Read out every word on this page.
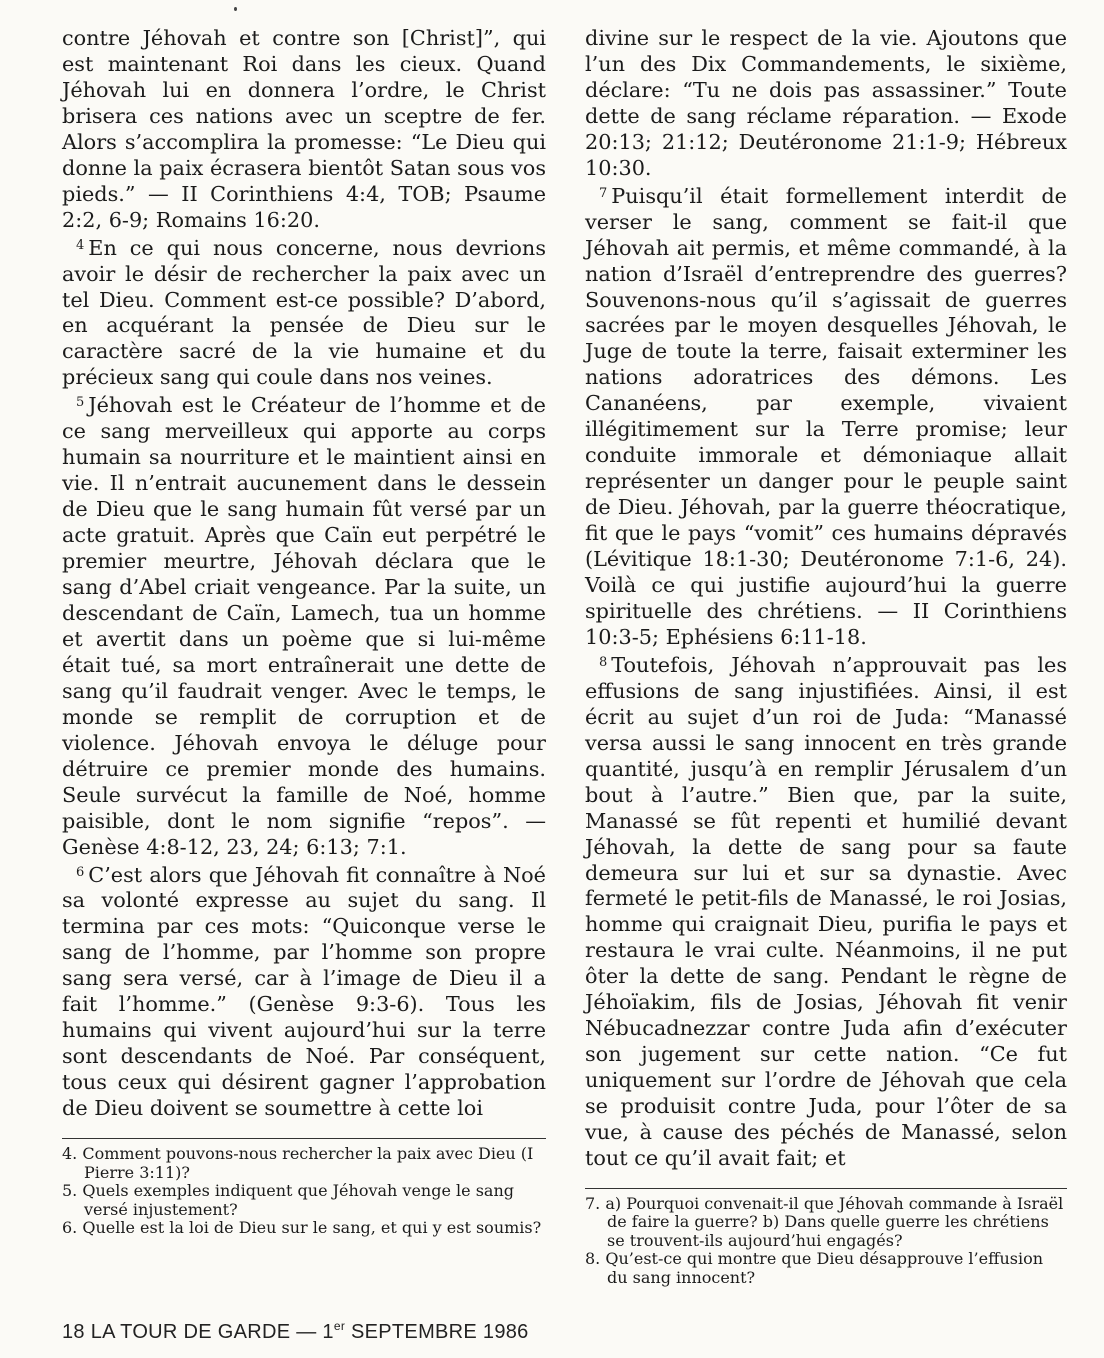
contre Jéhovah et contre son [Christ]”, qui est maintenant Roi dans les cieux. Quand Jéhovah lui en donnera l’ordre, le Christ brisera ces nations avec un sceptre de fer. Alors s’accomplira la promesse: “Le Dieu qui donne la paix écrasera bientôt Satan sous vos pieds.” — II Corinthiens 4:4, TOB; Psaume 2:2, 6-9; Romains 16:20.

$^4$ En ce qui nous concerne, nous devrions avoir le désir de rechercher la paix avec un tel Dieu. Comment est-ce possible? D’abord, en acquérant la pensée de Dieu sur le caractère sacré de la vie humaine et du précieux sang qui coule dans nos veines.

$^5$ Jéhovah est le Créateur de l’homme et de ce sang merveilleux qui apporte au corps humain sa nourriture et le maintient ainsi en vie. Il n’entrait aucunement dans le dessein de Dieu que le sang humain fût versé par un acte gratuit. Après que Caïn eut perpétré le premier meurtre, Jéhovah déclara que le sang d’Abel criait vengeance. Par la suite, un descendant de Caïn, Lamech, tua un homme et avertit dans un poème que si lui-même était tué, sa mort entraînerait une dette de sang qu’il faudrait venger. Avec le temps, le monde se remplit de corruption et de violence. Jéhovah envoya le déluge pour détruire ce premier monde des humains. Seule survécut la famille de Noé, homme paisible, dont le nom signifie “repos”. — Genèse 4:8-12, 23, 24; 6:13; 7:1.

$^6$ C’est alors que Jéhovah fit connaître à Noé sa volonté expresse au sujet du sang. Il termina par ces mots: “Quiconque verse le sang de l’homme, par l’homme son propre sang sera versé, car à l’image de Dieu il a fait l’homme.” (Genèse 9:3-6). Tous les humains qui vivent aujourd’hui sur la terre sont descendants de Noé. Par conséquent, tous ceux qui désirent gagner l’approbation de Dieu doivent se soumettre à cette loi

4. Comment pouvons-nous rechercher la paix avec Dieu (I Pierre 3:11)?

5. Quels exemples indiquent que Jéhovah venge le sang versé injustement?

6. Quelle est la loi de Dieu sur le sang, et qui y est soumis?

divine sur le respect de la vie. Ajoutons que l’un des Dix Commandements, le sixième, déclare: “Tu ne dois pas assassiner.” Toute dette de sang réclame réparation. — Exode 20:13; 21:12; Deutéronome 21:1-9; Hébreux 10:30.

$^7$ Puisqu’il était formellement interdit de verser le sang, comment se fait-il que Jéhovah ait permis, et même commandé, à la nation d’Israël d’entreprendre des guerres? Souvenons-nous qu’il s’agissait de guerres sacrées par le moyen desquelles Jéhovah, le Juge de toute la terre, faisait exterminer les nations adoratrices des démons. Les Cananéens, par exemple, vivaient illégitimement sur la Terre promise; leur conduite immorale et démoniaque allait représenter un danger pour le peuple saint de Dieu. Jéhovah, par la guerre théocratique, fit que le pays “vomit” ces humains dépravés (Lévitique 18:1-30; Deutéronome 7:1-6, 24). Voilà ce qui justifie aujourd’hui la guerre spirituelle des chrétiens. — II Corinthiens 10:3-5; Ephésiens 6:11-18.

$^8$ Toutefois, Jéhovah n’approuvait pas les effusions de sang injustifiées. Ainsi, il est écrit au sujet d’un roi de Juda: “Manassé versa aussi le sang innocent en très grande quantité, jusqu’à en remplir Jérusalem d’un bout à l’autre.” Bien que, par la suite, Manassé se fût repenti et humilié devant Jéhovah, la dette de sang pour sa faute demeura sur lui et sur sa dynastie. Avec fermeté le petit-fils de Manassé, le roi Josias, homme qui craignait Dieu, purifia le pays et restaura le vrai culte. Néanmoins, il ne put ôter la dette de sang. Pendant le règne de Jéhoïakim, fils de Josias, Jéhovah fit venir Nébucadnezzar contre Juda afin d’exécuter son jugement sur cette nation. “Ce fut uniquement sur l’ordre de Jéhovah que cela se produisit contre Juda, pour l’ôter de sa vue, à cause des péchés de Manassé, selon tout ce qu’il avait fait; et

7. a) Pourquoi convenait-il que Jéhovah commande à Israël de faire la guerre? b) Dans quelle guerre les chrétiens se trouvent-ils aujourd’hui engagés?

8. Qu’est-ce qui montre que Dieu désapprouve l’effusion du sang innocent?

18 LA TOUR DE GARDE — 1er SEPTEMBRE 1986
